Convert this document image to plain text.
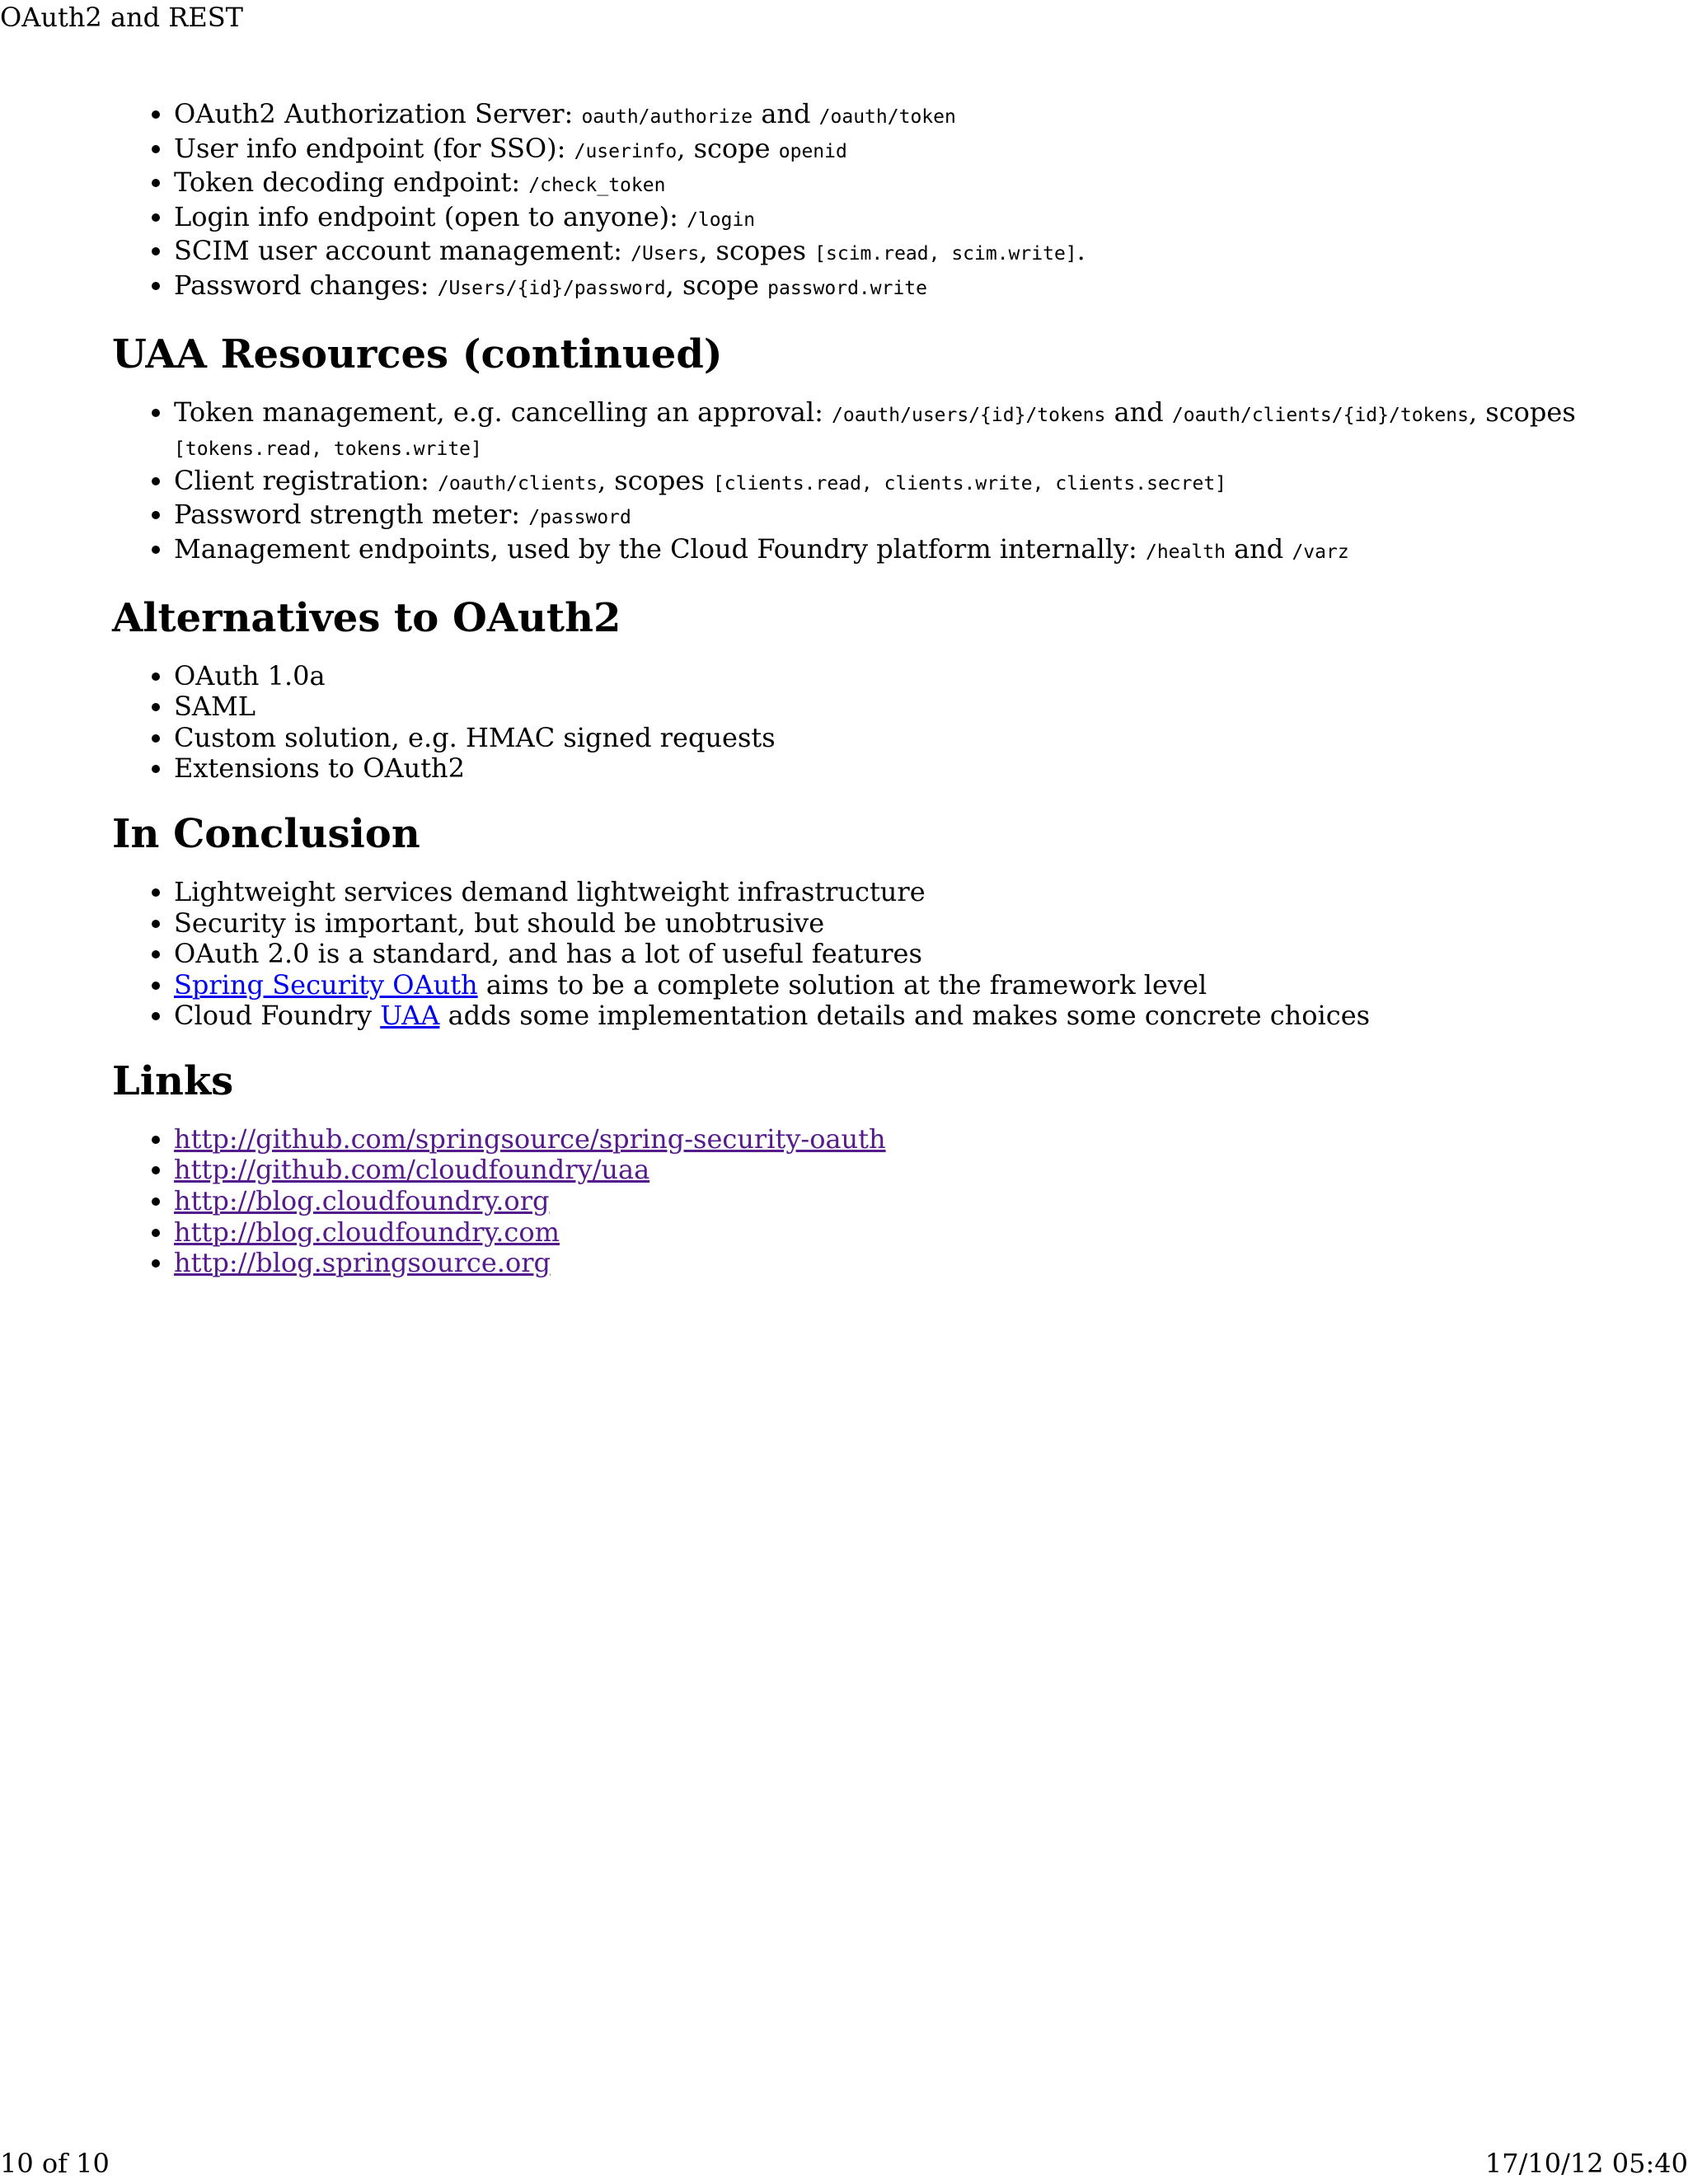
OAuth2 and REST
• OAuth2 Authorization Server: oauth/authorize and /oauth/token
• User info endpoint (for SSO): /userinfo, scope openid
• Token decoding endpoint: /check_token
• Login info endpoint (open to anyone): /login
• SCIM user account management: /Users, scopes [scim.read, scim.write].
• Password changes: /Users/{id}/password, scope password.write
UAA Resources (continued)
• Token management, e.g. cancelling an approval: /oauth/users/{id}/tokens and /oauth/clients/{id}/tokens, scopes
[tokens.read, tokens.write]
• Client registration: /oauth/clients, scopes [clients.read, clients.write, clients.secret]
• Password strength meter: /password
• Management endpoints, used by the Cloud Foundry platform internally: /health and /varz
Alternatives to OAuth2
• OAuth 1.0a
• SAML
• Custom solution, e.g. HMAC signed requests
• Extensions to OAuth2
In Conclusion
• Lightweight services demand lightweight infrastructure
• Security is important, but should be unobtrusive
• OAuth 2.0 is a standard, and has a lot of useful features
• Spring Security OAuth aims to be a complete solution at the framework level
• Cloud Foundry UAA adds some implementation details and makes some concrete choices
Links
• http://github.com/springsource/spring-security-oauth
• http://github.com/cloudfoundry/uaa
• http://blog.cloudfoundry.org
• http://blog.cloudfoundry.com
• http://blog.springsource.org
10 of 10	17/10/12 05:40
